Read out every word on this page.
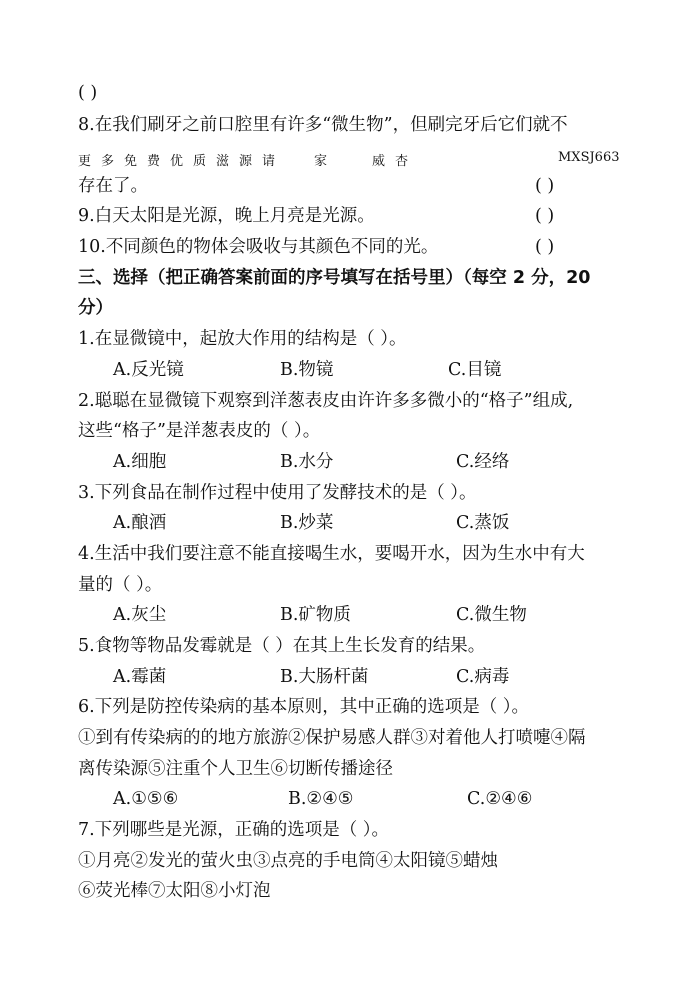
( )
8.在我们刷牙之前口腔里有许多“微生物”，但刷完牙后它们就不
更 多 免 费 优 质 滋 源 请	家	威 杏	MXSJ663
存在了。	( )
9.白天太阳是光源，晚上月亮是光源。	( )
10.不同颜色的物体会吸收与其颜色不同的光。	( )
三、选择（把正确答案前面的序号填写在括号里）（每空 2 分，20
分）
1.在显微镜中，起放大作用的结构是（ ）。
A.反光镜	B.物镜	C.目镜
2.聪聪在显微镜下观察到洋葱表皮由许许多多微小的“格子”组成,
这些“格子”是洋葱表皮的（ ）。
A.细胞	B.水分	C.经络
3.下列食品在制作过程中使用了发酵技术的是（ ）。
A.酿酒	B.炒菜	C.蒸饭
4.生活中我们要注意不能直接喝生水，要喝开水，因为生水中有大
量的（ ）。
A.灰尘	B.矿物质	C.微生物
5.食物等物品发霉就是（ ）在其上生长发育的结果。
A.霉菌	B.大肠杆菌	C.病毒
6.下列是防控传染病的基本原则，其中正确的选项是（ ）。
①到有传染病的的地方旅游②保护易感人群③对着他人打喷嚏④隔
离传染源⑤注重个人卫生⑥切断传播途径
A.①⑤⑥	B.②④⑤	C.②④⑥
7.下列哪些是光源，正确的选项是（ ）。
①月亮②发光的萤火虫③点亮的手电筒④太阳镜⑤蜡烛
⑥荧光棒⑦太阳⑧小灯泡
